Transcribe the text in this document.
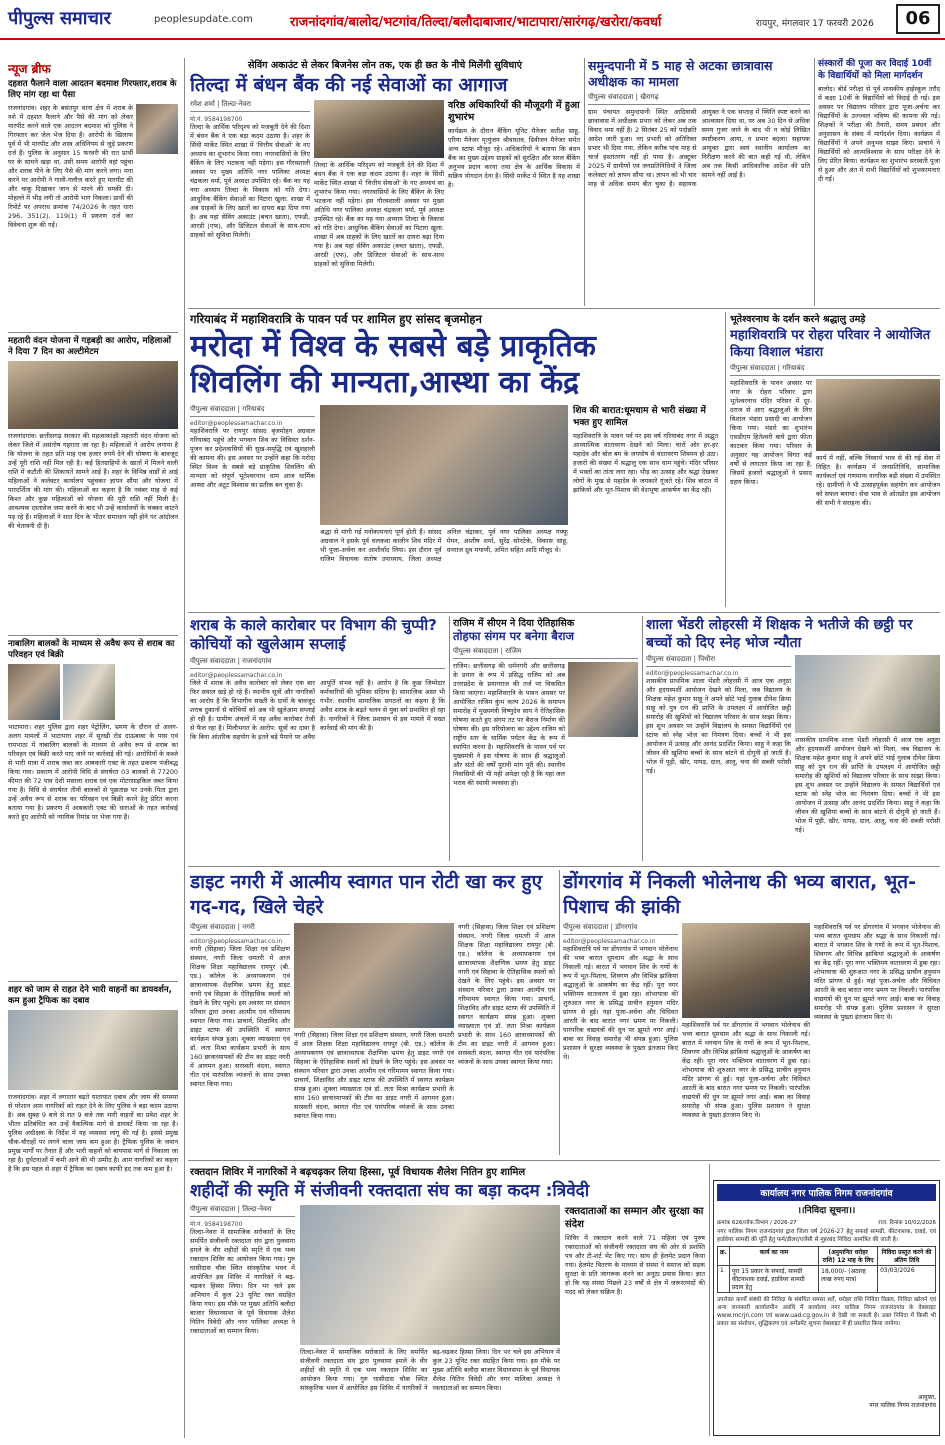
पीपुल्स समाचार	peoplesupdate.com	राजनांदगांव/बालोद/भटगांव/तिल्दा/बलौदाबाजार/भाटापारा/सारंगढ़/खरोरा/कवर्धा	रायपुर, मंगलवार 17 फरवरी 2026	06
न्यूज ब्रीफ
दहशत फैलाने वाला आदतन बदमाश गिरफ्तार,शराब के लिए मांग रहा था पैसा
राजनांदगांव। शहर के बसंतपुर थाना क्षेत्र में शराब के नशे में दहशत फैलाने और पैसे की मांग को लेकर मारपीट करने वाले एक आदतन बदमाश को पुलिस ने गिरफ्तार कर जेल भेज दिया है। आरोपी के खिलाफ पूर्व में भी मारपीट और शस्त्र अधिनियम से जुड़े प्रकरण दर्ज हैं। पुलिस के अनुसार 15 फरवरी की रात प्रार्थी घर के सामने खड़ा था, उसी समय आरोपी वहां पहुंचा और शराब पीने के लिए पैसे की मांग करने लगा। मना करने पर आरोपी ने गाली-गलौज करते हुए मारपीट की और चाकू दिखाकर जान से मारने की धमकी दी। मोहल्ले में भीड़ लगी तो आरोपी भाग निकला। प्रार्थी की रिपोर्ट पर अपराध क्रमांक 74/2026 के तहत धारा 296, 351(2), 119(1) में प्रकरण दर्ज कर विवेचना शुरू की गई।
महतारी वंदन योजना में गड़बड़ी का आरोप, महिलाओं ने दिया 7 दिन का अल्टीमेटम
राजनांदगांव। छत्तीसगढ़ सरकार की महत्वाकांक्षी महतारी वंदन योजना को लेकर जिले में असंतोष गहराता जा रहा है। महिलाओं ने आरोप लगाया है कि योजना के तहत प्रति माह एक हजार रुपये देने की घोषणा के बावजूद उन्हें पूरी राशि नहीं मिल रही है। कई हितग्राहियों के खातों में मिलने वाली राशि में कटौती की शिकायतें सामने आई हैं। शहर के विभिन्न वार्डों से आई महिलाओं ने कलेक्टर कार्यालय पहुंचकर ज्ञापन सौंपा और योजना में पारदर्शिता की मांग की। महिलाओं का कहना है कि नवंबर माह से कई किश्त और कुछ महिलाओं को योजना की पूरी राशि नहीं मिली है। आवश्यक दस्तावेज जमा करने के बाद भी उन्हें कार्यालयों के चक्कर काटने पड़ रहे हैं। महिलाओं ने सात दिन के भीतर समाधान नहीं होने पर आंदोलन की चेतावनी दी है।
नाबालिग बालकों के माध्यम से अवैध रूप से शराब का परिवहन एवं बिक्री
भाटापारा। शहर पुलिस द्वारा शहर पेट्रोलिंग, भ्रमण के दौरान दो अलग-अलग मामलों में भाटापारा शहर में सुरखी रोड दाऊबाबा के पास एवं रामभाठा में नाबालिग बालकों के माध्यम से अवैध रूप से शराब का परिवहन एवं बिक्री करते पाए जाने पर कार्रवाई की गई। आरोपियों के कब्जे से भारी मात्रा में शराब जब्त कर आबकारी एक्ट के तहत प्रकरण पंजीबद्ध किया गया। प्रकरण में आरोपी विधि से संघर्षरत 03 बालकों से 77200 कीमत की 72 पाव देशी मसाला शराब एवं एक मोटरसाइकिल जब्त किया गया है। विधि से संघर्षरत तीनों बालकों से पूछताछ पर उनके पिता द्वारा उन्हें अवैध रूप से शराब का परिवहन एवं बिक्री करने हेतु प्रेरित करना बताया गया है। प्रकरण में आबकारी एक्ट की धाराओं के तहत कार्रवाई करते हुए आरोपी को न्यायिक रिमांड पर भेजा गया है।
शहर को जाम से राहत देने भारी वाहनों का डायवर्शन, कम हुआ ट्रैफिक का दबाव
राजनांदगांव। शहर में लगातार बढ़ते यातायात दबाव और जाम की समस्या से परेशान आम नागरिकों को राहत देने के लिए पुलिस ने बड़ा कदम उठाया है। अब सुबह 9 बजे से रात 9 बजे तक भारी वाहनों का प्रवेश शहर के भीतर प्रतिबंधित कर उन्हें वैकल्पिक मार्ग से डायवर्ट किया जा रहा है। पुलिस अधीक्षक के निर्देश में यह व्यवस्था लागू की गई है। इससे प्रमुख चौक-चौराहों पर लगने वाला जाम कम हुआ है। ट्रैफिक पुलिस के जवान प्रमुख मार्गों पर तैनात हैं और भारी वाहनों को बायपास मार्ग से निकाला जा रहा है। दुर्घटनाओं में कमी आने की भी उम्मीद है। आम नागरिकों का कहना है कि इस पहल से शहर में ट्रैफिक का दबाव काफी हद तक कम हुआ है।
सेविंग अकाउंट से लेकर बिजनेस लोन तक, एक ही छत के नीचे मिलेंगी सुविधाएं
तिल्दा में बंधन बैंक की नई सेवाओं का आगाज
रमेश शर्मा | तिल्दा-नेवरा
मो.नं. 9584198700
तिल्दा के आर्थिक परिदृश्य को मजबूती देने की दिशा में बंधन बैंक ने एक बड़ा कदम उठाया है। शहर के सिंधी मार्केट स्थित शाखा में 'वित्तीय सेवाओं' के नए अध्याय का शुभारंभ किया गया। नगरवासियों के लिए बैंकिंग के लिए भटकना नहीं पड़ेगा। इस गौरवशाली अवसर पर मुख्य अतिथि नगर पालिका अध्यक्ष चंद्रकला वर्मा, पूर्व अध्यक्ष उपस्थित रहे। बैंक का यह नया अध्याय तिल्दा के विकास को गति देगा। आधुनिक बैंकिंग सेवाओं का पिटारा खुला: शाखा में अब ग्राहकों के लिए खातों का दायरा बढ़ा दिया गया है। अब यहां सेविंग अकाउंट (बचत खाता), एफडी, आरडी (एफ), और डिजिटल सेवाओं के साथ-साथ ग्राहकों को सुविधा मिलेगी।
तिल्दा के आर्थिक परिदृश्य को मजबूती देने की दिशा में बंधन बैंक ने एक बड़ा कदम उठाया है। शहर के सिंधी मार्केट स्थित शाखा में 'वित्तीय सेवाओं' के नए अध्याय का शुभारंभ किया गया। नगरवासियों के लिए बैंकिंग के लिए भटकना नहीं पड़ेगा। इस गौरवशाली अवसर पर मुख्य अतिथि नगर पालिका अध्यक्ष चंद्रकला वर्मा, पूर्व अध्यक्ष उपस्थित रहे। बैंक का यह नया अध्याय तिल्दा के विकास को गति देगा। आधुनिक बैंकिंग सेवाओं का पिटारा खुला: शाखा में अब ग्राहकों के लिए खातों का दायरा बढ़ा दिया गया है। अब यहां सेविंग अकाउंट (बचत खाता), एफडी, आरडी (एफ), और डिजिटल सेवाओं के साथ-साथ ग्राहकों को सुविधा मिलेगी।
वरिष्ठ अधिकारियों की मौजूदगी में हुआ शुभारंभ
कार्यक्रम के दौरान बैंकिंग यूनिट मैनेजर सतीश साहू, एरिया मैनेजर मृत्युंजय श्रीवास्तव, डिवीजन मैनेजर समेत अन्य स्टाफ मौजूद रहे। अधिकारियों ने बताया कि बंधन बैंक का मुख्य उद्देश्य ग्राहकों को सुरक्षित और सरल बैंकिंग अनुभव प्रदान करना तथा क्षेत्र के आर्थिक विकास में सक्रिय योगदान देना है। सिंधी मार्केट में स्थित है यह शाखा है।
समुन्दपानी में 5 माह से अटका छात्रावास अधीक्षक का मामला
पीपुल्स संवाददाता | खैरागढ़
ग्राम पंचायत समुन्दपानी स्थित आदिवासी छात्रावास में अधीक्षक प्रभार को लेकर अब तक विवाद थमा नहीं है। 2 सितंबर 25 को पदोन्नति आदेश जारी हुआ। नए प्रभारी को अतिरिक्त प्रभार भी दिया गया, लेकिन करीब पांच माह से चार्ज हस्तांतरण नहीं हो पाया है। अक्टूबर 2025 में ग्रामीणों एवं जनप्रतिनिधियों ने जिला कलेक्टर को ज्ञापन सौंपा था। ज्ञापन को भी चार माह से अधिक समय बीत चुका है। सहायक आयुक्त ने एक सप्ताह में स्थिति स्पष्ट करने का आश्वासन दिया था, पर अब 30 दिन से अधिक समय गुजर जाने के बाद भी न कोई लिखित स्पष्टीकरण आया, न प्रभार बदला। सहायक आयुक्त द्वारा स्वयं स्थानीय कार्यालय का निरीक्षण करने की बात कही गई थी, लेकिन अब तक किसी आधिकारिक आदेश की प्रति सामने नहीं आई है।
संस्कारों की पूजा कर विदाई 10वीं के विद्यार्थियों को मिला मार्गदर्शन
बालोद। बोर्ड परीक्षा से पूर्व शासकीय हाईस्कूल तरौद में कक्षा 10वीं के विद्यार्थियों को विदाई दी गई। इस अवसर पर विद्यालय परिवार द्वारा पूजा-अर्चना कर विद्यार्थियों के उज्ज्वल भविष्य की कामना की गई। शिक्षकों ने परीक्षा की तैयारी, समय प्रबंधन और अनुशासन के संबंध में मार्गदर्शन दिया। कार्यक्रम में विद्यार्थियों ने अपने अनुभव साझा किए। प्राचार्य ने विद्यार्थियों को आत्मविश्वास के साथ परीक्षा देने के लिए प्रेरित किया। कार्यक्रम का शुभारंभ सरस्वती पूजा से हुआ और अंत में सभी विद्यार्थियों को शुभकामनाएं दी गईं।
गरियाबंद में महाशिवरात्रि के पावन पर्व पर शामिल हुए सांसद बृजमोहन
मरोदा में विश्व के सबसे बड़े प्राकृतिक
शिवलिंग की मान्यता,आस्था का केंद्र
पीपुल्स संवाददाता | गरियाबंद
editor@peoplessamachar.co.in
महाशिवरात्रि पर रायपुर सांसद बृजमोहन अग्रवाल गरियाबंद पहुंचे और भगवान शिव का विधिवत दर्शन-पूजन कर प्रदेशवासियों की सुख-समृद्धि एवं खुशहाली की कामना की। इस अवसर पर उन्होंने कहा कि मरोदा स्थित विश्व के सबसे बड़े प्राकृतिक शिवलिंग की मान्यता को संपूर्ण भूतेश्वरनाथ धाम आज धार्मिक आस्था और अटूट विश्वास का प्रतीक बन चुका है।
श्रद्धा से मांगी गई मनोकामनाएं पूर्ण होती हैं। सांसद अग्रवाल ने इसके पूर्व चलकवा कालीन शिव मंदिर में भी पूजा-अर्चना कर आशीर्वाद लिया। इस दौरान पूर्व राजिम विधायक संतोष उपाध्याय, जिला अध्यक्ष अनिल चंद्राकर, पूर्व नगर पालिका अध्यक्ष गफ्फू मेमन, आशीष शर्मा, सुरेंद्र सोनटेके, विकास साहू, धनराज ध्रुव मयाणी, अमित सहित आदि मौजूद थे।
शिव की बारात:धूमधाम से भारी संख्या में भक्त हुए शामिल
महाशिवरात्रि के पावन पर्व पर इस वर्ष गरियाबंद नगर में अद्भुत आध्यात्मिक वातावरण देखने को मिला। चारों ओर हर-हर महादेव और बोल बम के जयघोष से वातावरण शिवमय हो उठा। हजारों की संख्या में श्रद्धालु एक साथ धाम पहुंचे। मंदिर परिसर में भक्तों का तांता लगा रहा। भीड़ का उत्साह और श्रद्धा देखकर लोगों के मुख से महादेव के जयकारे गूंजते रहे। शिव बारात में झांकियों और भूत-पिशाच की वेशभूषा आकर्षण का केंद्र रही।
भूतेश्वरनाथ के दर्शन करने श्रद्धालु उमड़े
महाशिवरात्रि पर रोहरा परिवार ने आयोजित किया विशाल भंडारा
पीपुल्स संवाददाता | गरियाबंद
महाशिवरात्रि के पावन अवसर पर नगर के रोहरा परिवार द्वारा भूतेश्वरनाथ मंदिर परिसर में दूर-दराज से आए श्रद्धालुओं के लिए विशाल भंडारा प्रसादी का आयोजन किया गया। भंडारे का शुभारंभ एसडीएम हितेश्वरी बाघे द्वारा फीता काटकर किया गया। परिवार के अनुसार यह आयोजन विगत कई वर्षों से लगातार किया जा रहा है, जिसमें हजारों श्रद्धालुओं ने प्रसाद ग्रहण किया।
कार्य में नहीं, बल्कि निस्वार्थ भाव से की गई सेवा में निहित है। कार्यक्रम में जनप्रतिनिधि, सामाजिक कार्यकर्ता एवं गणमान्य नागरिक बड़ी संख्या में उपस्थित रहे। ग्रामीणों ने भी उत्साहपूर्वक सहयोग कर आयोजन को सफल बनाया। सेवा भाव से ओतप्रोत इस आयोजन की सभी ने सराहना की।
शराब के काले कारोबार पर विभाग की चुप्पी? कोचियों को खुलेआम सप्लाई
पीपुल्स संवाददाता | राजनांदगांव
editor@peoplessamachar.co.in
जिले में शराब के अवैध कारोबार को लेकर एक बार फिर सवाल खड़े हो रहे हैं। स्थानीय सूत्रों और नागरिकों का आरोप है कि विभागीय सख्ती के दावों के बावजूद शराब दुकानों से कोचियों को अब भी खुलेआम सप्लाई हो रही है। ग्रामीण अंचलों में यह अवैध कारोबार तेजी से फैल रहा है। मिलीभगत के आरोप: सूत्रों का दावा है कि बिना आंतरिक सहयोग के इतने बड़े पैमाने पर अवैध आपूर्ति संभव नहीं है। आरोप है कि कुछ जिम्मेदार कर्मचारियों की भूमिका संदिग्ध है। सामाजिक असर भी गंभीर: स्थानीय सामाजिक संगठनों का कहना है कि अवैध शराब के बढ़ते चलन से युवा वर्ग प्रभावित हो रहा है। नागरिकों ने जिला प्रशासन से इस मामले में सख्त कार्रवाई की मांग की है।
राजिम में सीएम ने दिया ऐतिहासिक
तोहफा संगम पर बनेगा बैराज
पीपुल्स संवाददाता | राजिम
राजिम। छत्तीसगढ़ की धर्मनगरी और छत्तीसगढ़ के प्रयाग के रूप में प्रसिद्ध राजिम को अब उत्तरप्रदेश के प्रयागराज की तर्ज पर विकसित किया जाएगा। महाशिवरात्रि के पावन अवसर पर आयोजित राजिम कुंभ कल्प 2026 के समापन समारोह में मुख्यमंत्री विष्णुदेव साय ने ऐतिहासिक घोषणा करते हुए संगम तट पर बैराज निर्माण की घोषणा की। इस परियोजना का उद्देश्य राजिम को राष्ट्रीय स्तर के धार्मिक पर्यटन केंद्र के रूप में स्थापित करना है। महाशिवरात्रि के पावन पर्व पर मुख्यमंत्री ने इस घोषणा के साथ ही श्रद्धालुओं और संतों की वर्षों पुरानी मांग पूरी की। स्थानीय निवासियों की भी यही अपेक्षा रही है कि यहां जल भराव की स्थायी व्यवस्था हो।
शाला भेंडरी लोहरसी में शिक्षक ने भतीजे की छट्ठी पर बच्चों को दिए स्नेह भोज न्यौता
पीपुल्स संवाददाता | पिथौरा
editor@peoplessamachar.co.in
शासकीय प्राथमिक शाला भेंडरी लोहरसी में आज एक अनूठा और हृदयस्पर्शी आयोजन देखने को मिला, जब विद्यालय के शिक्षक महेश कुमार साहू ने अपने छोटे भाई गुलाब दीनेश क्रिया साहू को पुत्र रत्न की प्राप्ति के उपलक्ष्य में आयोजित छट्ठी समारोह की खुशियों को विद्यालय परिवार के साथ साझा किया। इस शुभ अवसर पर उन्होंने विद्यालय के समस्त विद्यार्थियों एवं स्टाफ को स्नेह भोज का निमंत्रण दिया। बच्चों ने भी इस आयोजन में उत्साह और आनंद प्रदर्शित किया। साहू ने कहा कि जीवन की खुशियां बच्चों के साथ बांटने से दोगुनी हो जाती हैं। भोज में पूड़ी, खीर, पापड़, दाल, आलू, चना की सब्जी परोसी गई।
शासकीय प्राथमिक शाला भेंडरी लोहरसी में आज एक अनूठा और हृदयस्पर्शी आयोजन देखने को मिला, जब विद्यालय के शिक्षक महेश कुमार साहू ने अपने छोटे भाई गुलाब दीनेश क्रिया साहू को पुत्र रत्न की प्राप्ति के उपलक्ष्य में आयोजित छट्ठी समारोह की खुशियों को विद्यालय परिवार के साथ साझा किया। इस शुभ अवसर पर उन्होंने विद्यालय के समस्त विद्यार्थियों एवं स्टाफ को स्नेह भोज का निमंत्रण दिया। बच्चों ने भी इस आयोजन में उत्साह और आनंद प्रदर्शित किया। साहू ने कहा कि जीवन की खुशियां बच्चों के साथ बांटने से दोगुनी हो जाती हैं। भोज में पूड़ी, खीर, पापड़, दाल, आलू, चना की सब्जी परोसी गई।
डाइट नगरी में आत्मीय स्वागत पान रोटी खा कर हुए गद-गद, खिले चेहरे
पीपुल्स संवाददाता | नगरी
editor@peoplessamachar.co.in
नगरी (सिहावा) जिला शिक्षा एवं प्रशिक्षण संस्थान, नगरी जिला धमतरी में आज शिक्षक शिक्षा महाविद्यालय रायपुर (बी. एड.) कॉलेज के अध्यापकगण एवं छात्राध्यापक शैक्षणिक भ्रमण हेतु डाइट नगरी एवं सिहावा के ऐतिहासिक स्थलों को देखने के लिए पहुंचे। इस अवसर पर संस्थान परिवार द्वारा उनका आत्मीय एवं गरिमामय स्वागत किया गया। प्राचार्य, शिक्षाविद और डाइट स्टाफ की उपस्थिति में स्वागत कार्यक्रम संपन्न हुआ। शुक्ला व्याख्याता एवं डॉ. लता मिश्रा कार्यक्रम प्रभारी के साथ 160 छात्राध्यापकों की टीम का डाइट नगरी में आगमन हुआ। सरस्वती वंदना, स्वागत गीत एवं पारंपरिक व्यंजनों के साथ उनका स्वागत किया गया।
नगरी (सिहावा) जिला शिक्षा एवं प्रशिक्षण संस्थान, नगरी जिला धमतरी में आज शिक्षक शिक्षा महाविद्यालय रायपुर (बी. एड.) कॉलेज के अध्यापकगण एवं छात्राध्यापक शैक्षणिक भ्रमण हेतु डाइट नगरी एवं सिहावा के ऐतिहासिक स्थलों को देखने के लिए पहुंचे। इस अवसर पर संस्थान परिवार द्वारा उनका आत्मीय एवं गरिमामय स्वागत किया गया। प्राचार्य, शिक्षाविद और डाइट स्टाफ की उपस्थिति में स्वागत कार्यक्रम संपन्न हुआ। शुक्ला व्याख्याता एवं डॉ. लता मिश्रा कार्यक्रम प्रभारी के साथ 160 छात्राध्यापकों की टीम का डाइट नगरी में आगमन हुआ। सरस्वती वंदना, स्वागत गीत एवं पारंपरिक व्यंजनों के साथ उनका स्वागत किया गया।
नगरी (सिहावा) जिला शिक्षा एवं प्रशिक्षण संस्थान, नगरी जिला धमतरी में आज शिक्षक शिक्षा महाविद्यालय रायपुर (बी. एड.) कॉलेज के अध्यापकगण एवं छात्राध्यापक शैक्षणिक भ्रमण हेतु डाइट नगरी एवं सिहावा के ऐतिहासिक स्थलों को देखने के लिए पहुंचे। इस अवसर पर संस्थान परिवार द्वारा उनका आत्मीय एवं गरिमामय स्वागत किया गया। प्राचार्य, शिक्षाविद और डाइट स्टाफ की उपस्थिति में स्वागत कार्यक्रम संपन्न हुआ। शुक्ला व्याख्याता एवं डॉ. लता मिश्रा कार्यक्रम प्रभारी के साथ 160 छात्राध्यापकों की टीम का डाइट नगरी में आगमन हुआ। सरस्वती वंदना, स्वागत गीत एवं पारंपरिक व्यंजनों के साथ उनका स्वागत किया गया।
डोंगरगांव में निकली भोलेनाथ की भव्य बारात, भूत-पिशाच की झांकी
पीपुल्स संवाददाता | डोंगरगांव
editor@peoplessamachar.co.in
महाशिवरात्रि पर्व पर डोंगरगांव में भगवान भोलेनाथ की भव्य बारात धूमधाम और श्रद्धा के साथ निकाली गई। बारात में भगवान शिव के गणों के रूप में भूत-पिशाच, शिवगण और विभिन्न झांकियां श्रद्धालुओं के आकर्षण का केंद्र रहीं। पूरा नगर भक्तिमय वातावरण में डूबा रहा। शोभायात्रा की शुरुआत नगर के प्रसिद्ध प्राचीन हनुमान मंदिर प्रांगण से हुई। यहां पूजा-अर्चना और विधिवत आरती के बाद बारात नगर भ्रमण पर निकली। पारंपरिक वाद्ययंत्रों की धुन पर झूमते नगर आई। बाबा का विवाह समारोह भी संपन्न हुआ। पुलिस प्रशासन ने सुरक्षा व्यवस्था के पुख्ता इंतजाम किए थे।
महाशिवरात्रि पर्व पर डोंगरगांव में भगवान भोलेनाथ की भव्य बारात धूमधाम और श्रद्धा के साथ निकाली गई। बारात में भगवान शिव के गणों के रूप में भूत-पिशाच, शिवगण और विभिन्न झांकियां श्रद्धालुओं के आकर्षण का केंद्र रहीं। पूरा नगर भक्तिमय वातावरण में डूबा रहा। शोभायात्रा की शुरुआत नगर के प्रसिद्ध प्राचीन हनुमान मंदिर प्रांगण से हुई। यहां पूजा-अर्चना और विधिवत आरती के बाद बारात नगर भ्रमण पर निकली। पारंपरिक वाद्ययंत्रों की धुन पर झूमते नगर आई। बाबा का विवाह समारोह भी संपन्न हुआ। पुलिस प्रशासन ने सुरक्षा व्यवस्था के पुख्ता इंतजाम किए थे।
महाशिवरात्रि पर्व पर डोंगरगांव में भगवान भोलेनाथ की भव्य बारात धूमधाम और श्रद्धा के साथ निकाली गई। बारात में भगवान शिव के गणों के रूप में भूत-पिशाच, शिवगण और विभिन्न झांकियां श्रद्धालुओं के आकर्षण का केंद्र रहीं। पूरा नगर भक्तिमय वातावरण में डूबा रहा। शोभायात्रा की शुरुआत नगर के प्रसिद्ध प्राचीन हनुमान मंदिर प्रांगण से हुई। यहां पूजा-अर्चना और विधिवत आरती के बाद बारात नगर भ्रमण पर निकली। पारंपरिक वाद्ययंत्रों की धुन पर झूमते नगर आई। बाबा का विवाह समारोह भी संपन्न हुआ। पुलिस प्रशासन ने सुरक्षा व्यवस्था के पुख्ता इंतजाम किए थे।
रक्तदान शिविर में नागरिकों ने बढ़चढ़कर लिया हिस्सा, पूर्व विधायक शैलेश नितिन हुए शामिल
शहीदों की स्मृति में संजीवनी रक्तदाता संघ का बड़ा कदम :त्रिवेदी
पीपुल्स संवाददाता | तिल्दा-नेवरा
मो.नं. 9584198700
तिल्दा-नेवरा में सामाजिक सरोकारों के लिए समर्पित संजीवनी रक्तदाता संघ द्वारा पुलवामा हमले के वीर शहीदों की स्मृति में एक भव्य रक्तदान शिविर का आयोजन किया गया। गुरु घासीदास चौक स्थित सांस्कृतिक भवन में आयोजित इस शिविर में नागरिकों ने बढ़-चढ़कर हिस्सा लिया। दिन भर चले इस अभियान में कुल 23 यूनिट रक्त संग्रहित किया गया। इस मौके पर मुख्य अतिथि बलौदा बाजार विधानसभा के पूर्व विधायक शैलेश नितिन त्रिवेदी और नगर पालिका अध्यक्ष ने रक्तदाताओं का सम्मान किया।
तिल्दा-नेवरा में सामाजिक सरोकारों के लिए समर्पित संजीवनी रक्तदाता संघ द्वारा पुलवामा हमले के वीर शहीदों की स्मृति में एक भव्य रक्तदान शिविर का आयोजन किया गया। गुरु घासीदास चौक स्थित सांस्कृतिक भवन में आयोजित इस शिविर में नागरिकों ने बढ़-चढ़कर हिस्सा लिया। दिन भर चले इस अभियान में कुल 23 यूनिट रक्त संग्रहित किया गया। इस मौके पर मुख्य अतिथि बलौदा बाजार विधानसभा के पूर्व विधायक शैलेश नितिन त्रिवेदी और नगर पालिका अध्यक्ष ने रक्तदाताओं का सम्मान किया।
रक्तदाताओं का सम्मान और सुरक्षा का संदेश
शिविर में रक्तदान करने वाले 71 महिला एवं पुरुष रक्तदाताओं को संजीवनी रक्तदाता संघ की ओर से प्रशस्ति पत्र और टी-शर्ट भेंट किए गए। साथ ही हेलमेट प्रदान किया गया। हेलमेट वितरण के माध्यम से संस्था ने समाज को सड़क सुरक्षा के प्रति जागरूक करने का अनूठा प्रयास किया। ज्ञात हो कि यह संस्था पिछले 23 वर्षों से क्षेत्र में जरूरतमंदों की मदद को लेकर सक्रिय है।
कार्यालय नगर पालिक निगम राजनांदगांव
।।निविदा सूचना।।
क्रमांक 626/लोक.विभाग / 2026-27	राज. दिनांक 10/02/2026
नगर पालिक निगम राजनांदगांव द्वारा जिला वर्ष 2026-27 हेतु सफाई सामग्री, कीटनाशक, दवाई, एवं हार्डवेयर सामग्री की पूर्ति हेतु फर्म/डीलर/एजेंसी से मुहरबंद निविदा आमंत्रित की जाती है।
क्र.	कार्य का नाम	(अनुमानित धरोहर राशि) 12 माह के लिए	निविदा प्रस्तुत करने की अंतिम तिथि
1	पूरा 15 प्रकार के सफाई, सामग्री कीटनाशक दवाई, हार्डवेयर सामग्री प्रदाय हेतु	18,000/- (अठारह लाख रुपए मात्र)	03/03/2026
उपरोक्त कार्यों संबंधी की निविदा के संबंधित समस्त शर्तें, धरोहर राशि निविदा विक्रय, निविदा खोलने एवं अन्य जानकारी कार्यालयीन अवधि में कार्यालय नगर पालिक निगम राजनांदगांव के वेबसाइट www.mcrjn.com एवं www.uad.cg.gov.in से देखी जा सकती है। उक्त निविदा में किसी भी प्रकार का संशोधन, शुद्धिकरण एवं अमेंडमेंट सूचना वेबसाइट में ही प्रसारित किया जायेगा।
आयुक्त,
नगर पालिक निगम राजनांदगांव
